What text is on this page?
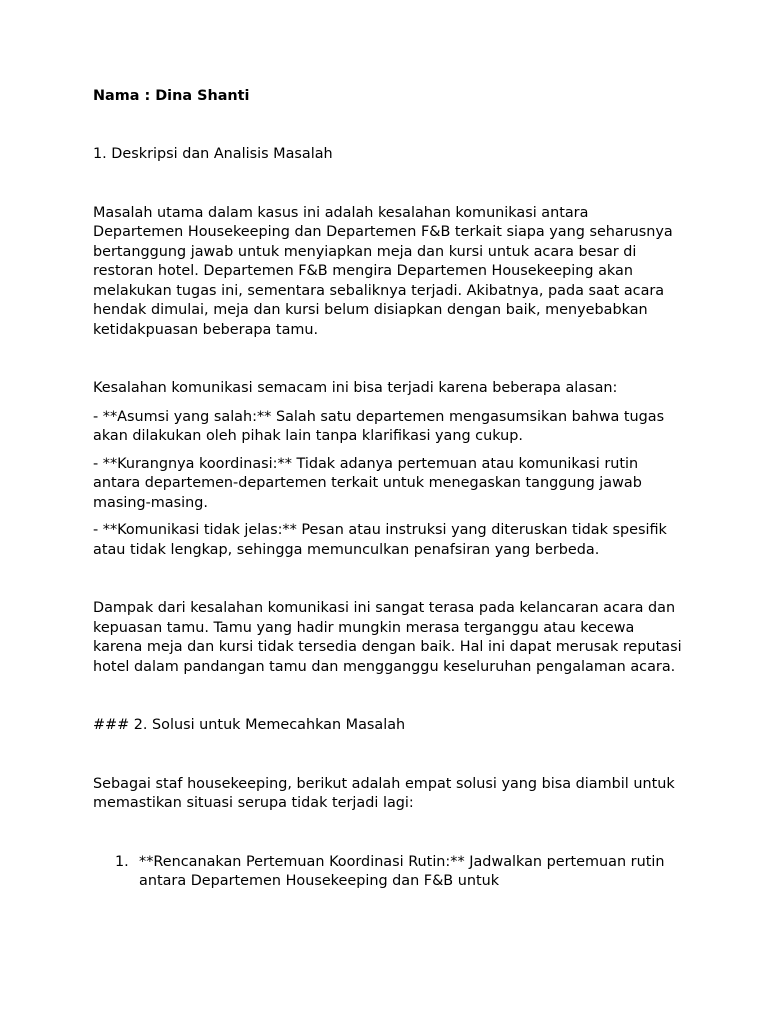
Nama : Dina Shanti

1. Deskripsi dan Analisis Masalah

Masalah utama dalam kasus ini adalah kesalahan komunikasi antara Departemen Housekeeping dan Departemen F&B terkait siapa yang seharusnya bertanggung jawab untuk menyiapkan meja dan kursi untuk acara besar di restoran hotel. Departemen F&B mengira Departemen Housekeeping akan melakukan tugas ini, sementara sebaliknya terjadi. Akibatnya, pada saat acara hendak dimulai, meja dan kursi belum disiapkan dengan baik, menyebabkan ketidakpuasan beberapa tamu.

Kesalahan komunikasi semacam ini bisa terjadi karena beberapa alasan:

- **Asumsi yang salah:** Salah satu departemen mengasumsikan bahwa tugas akan dilakukan oleh pihak lain tanpa klarifikasi yang cukup.

- **Kurangnya koordinasi:** Tidak adanya pertemuan atau komunikasi rutin antara departemen-departemen terkait untuk menegaskan tanggung jawab masing-masing.

- **Komunikasi tidak jelas:** Pesan atau instruksi yang diteruskan tidak spesifik atau tidak lengkap, sehingga memunculkan penafsiran yang berbeda.

Dampak dari kesalahan komunikasi ini sangat terasa pada kelancaran acara dan kepuasan tamu. Tamu yang hadir mungkin merasa terganggu atau kecewa karena meja dan kursi tidak tersedia dengan baik. Hal ini dapat merusak reputasi hotel dalam pandangan tamu dan mengganggu keseluruhan pengalaman acara.

### 2. Solusi untuk Memecahkan Masalah

Sebagai staf housekeeping, berikut adalah empat solusi yang bisa diambil untuk memastikan situasi serupa tidak terjadi lagi:

1. **Rencanakan Pertemuan Koordinasi Rutin:** Jadwalkan pertemuan rutin antara Departemen Housekeeping dan F&B untuk
